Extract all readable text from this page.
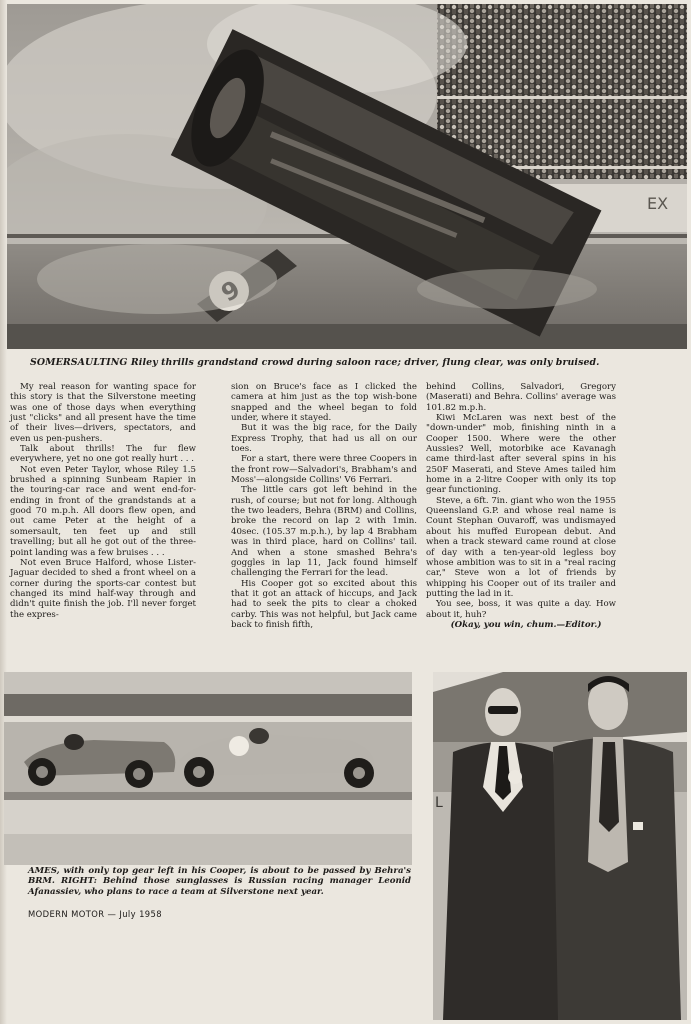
EX
SOMERSAULTING Riley thrills grandstand crowd during saloon race; driver, flung clear, was only bruised.

My real reason for wanting space for this story is that the Silverstone meeting was one of those days when everything just "clicks" and all present have the time of their lives—drivers, spectators, and even us pen-pushers.

Talk about thrills! The fur flew everywhere, yet no one got really hurt . . .

Not even Peter Taylor, whose Riley 1.5 brushed a spinning Sunbeam Rapier in the touring-car race and went end-for-ending in front of the grandstands at a good 70 m.p.h. All doors flew open, and out came Peter at the height of a somersault, ten feet up and still travelling; but all he got out of the three-point landing was a few bruises . . .

Not even Bruce Halford, whose Lister-Jaguar decided to shed a front wheel on a corner during the sports-car contest but changed its mind half-way through and didn't quite finish the job. I'll never forget the expres-

sion on Bruce's face as I clicked the camera at him just as the top wish-bone snapped and the wheel began to fold under, where it stayed.

But it was the big race, for the Daily Express Trophy, that had us all on our toes.

For a start, there were three Coopers in the front row—Salvadori's, Brabham's and Moss'—alongside Collins' V6 Ferrari.

The little cars got left behind in the rush, of course; but not for long. Although the two leaders, Behra (BRM) and Collins, broke the record on lap 2 with 1min. 40sec. (105.37 m.p.h.), by lap 4 Brabham was in third place, hard on Collins' tail. And when a stone smashed Behra's goggles in lap 11, Jack found himself challenging the Ferrari for the lead.

His Cooper got so excited about this that it got an attack of hiccups, and Jack had to seek the pits to clear a choked carby. This was not helpful, but Jack came back to finish fifth,

behind Collins, Salvadori, Gregory (Maserati) and Behra. Collins' average was 101.82 m.p.h.

Kiwi McLaren was next best of the "down-under" mob, finishing ninth in a Cooper 1500. Where were the other Aussies? Well, motorbike ace Kavanagh came third-last after several spins in his 250F Maserati, and Steve Ames tailed him home in a 2-litre Cooper with only its top gear functioning.

Steve, a 6ft. 7in. giant who won the 1955 Queensland G.P. and whose real name is Count Stephan Ouvaroff, was undismayed about his muffed European debut. And when a track steward came round at close of day with a ten-year-old legless boy whose ambition was to sit in a "real racing car," Steve won a lot of friends by whipping his Cooper out of its trailer and putting the lad in it.

You see, boss, it was quite a day. How about it, huh?

(Okay, you win, chum.—Editor.)

AMES, with only top gear left in his Cooper, is about to be passed by Behra's BRM. RIGHT: Behind those sunglasses is Russian racing manager Leonid Afanassiev, who plans to race a team at Silverstone next year.
MODERN MOTOR — July 1958
L
